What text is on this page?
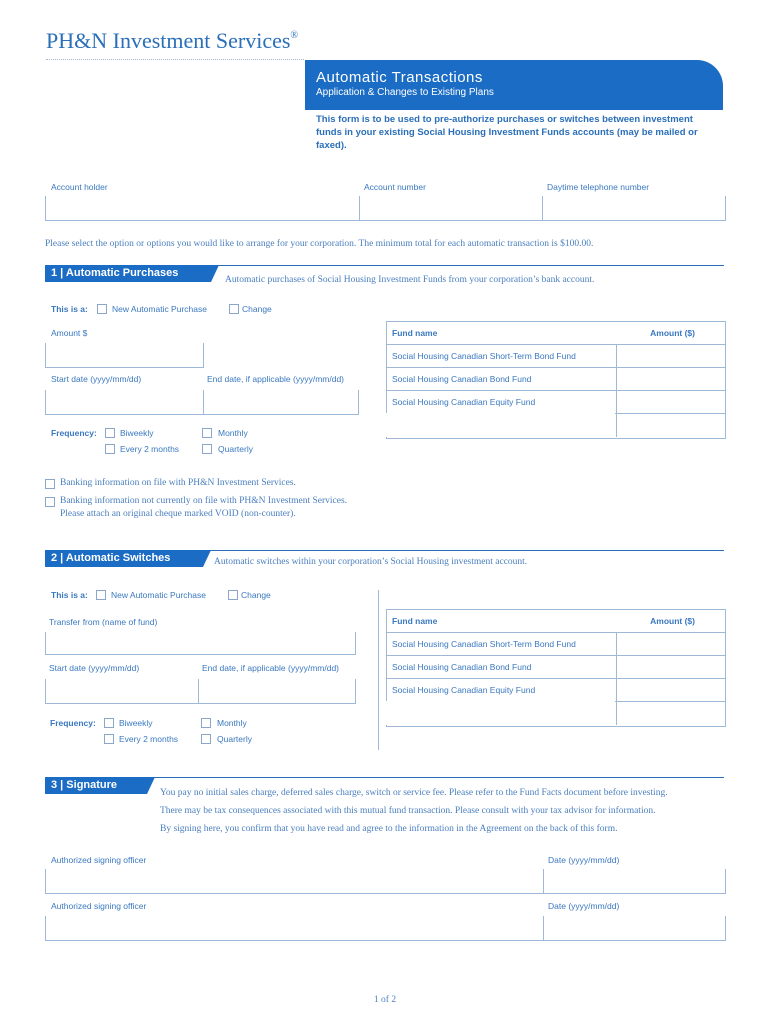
PH&N Investment Services®
Automatic Transactions
Application & Changes to Existing Plans
This form is to be used to pre-authorize purchases or switches between investment funds in your existing Social Housing Investment Funds accounts (may be mailed or faxed).
Account holder	Account number	Daytime telephone number
Please select the option or options you would like to arrange for your corporation. The minimum total for each automatic transaction is $100.00.
1 | Automatic Purchases
Automatic purchases of Social Housing Investment Funds from your corporation’s bank account.
This is a:	New Automatic Purchase	Change
Amount $
Start date (yyyy/mm/dd)	End date, if applicable (yyyy/mm/dd)
Frequency:	Biweekly	Monthly
Every 2 months	Quarterly
Fund name	Amount ($)
Social Housing Canadian Short-Term Bond Fund
Social Housing Canadian Bond Fund
Social Housing Canadian Equity Fund
Banking information on file with PH&N Investment Services.
Banking information not currently on file with PH&N Investment Services.
Please attach an original cheque marked VOID (non-counter).
2 | Automatic Switches	Automatic switches within your corporation’s Social Housing investment account.
This is a:	New Automatic Purchase	Change
Transfer from (name of fund)
Start date (yyyy/mm/dd)	End date, if applicable (yyyy/mm/dd)
Frequency:	Biweekly	Monthly
Every 2 months	Quarterly
Fund name	Amount ($)
Social Housing Canadian Short-Term Bond Fund
Social Housing Canadian Bond Fund
Social Housing Canadian Equity Fund
3 | Signature
You pay no initial sales charge, deferred sales charge, switch or service fee. Please refer to the Fund Facts document before investing.
There may be tax consequences associated with this mutual fund transaction. Please consult with your tax advisor for information.
By signing here, you confirm that you have read and agree to the information in the Agreement on the back of this form.
Authorized signing officer	Date (yyyy/mm/dd)
Authorized signing officer	Date (yyyy/mm/dd)
1 of 2
